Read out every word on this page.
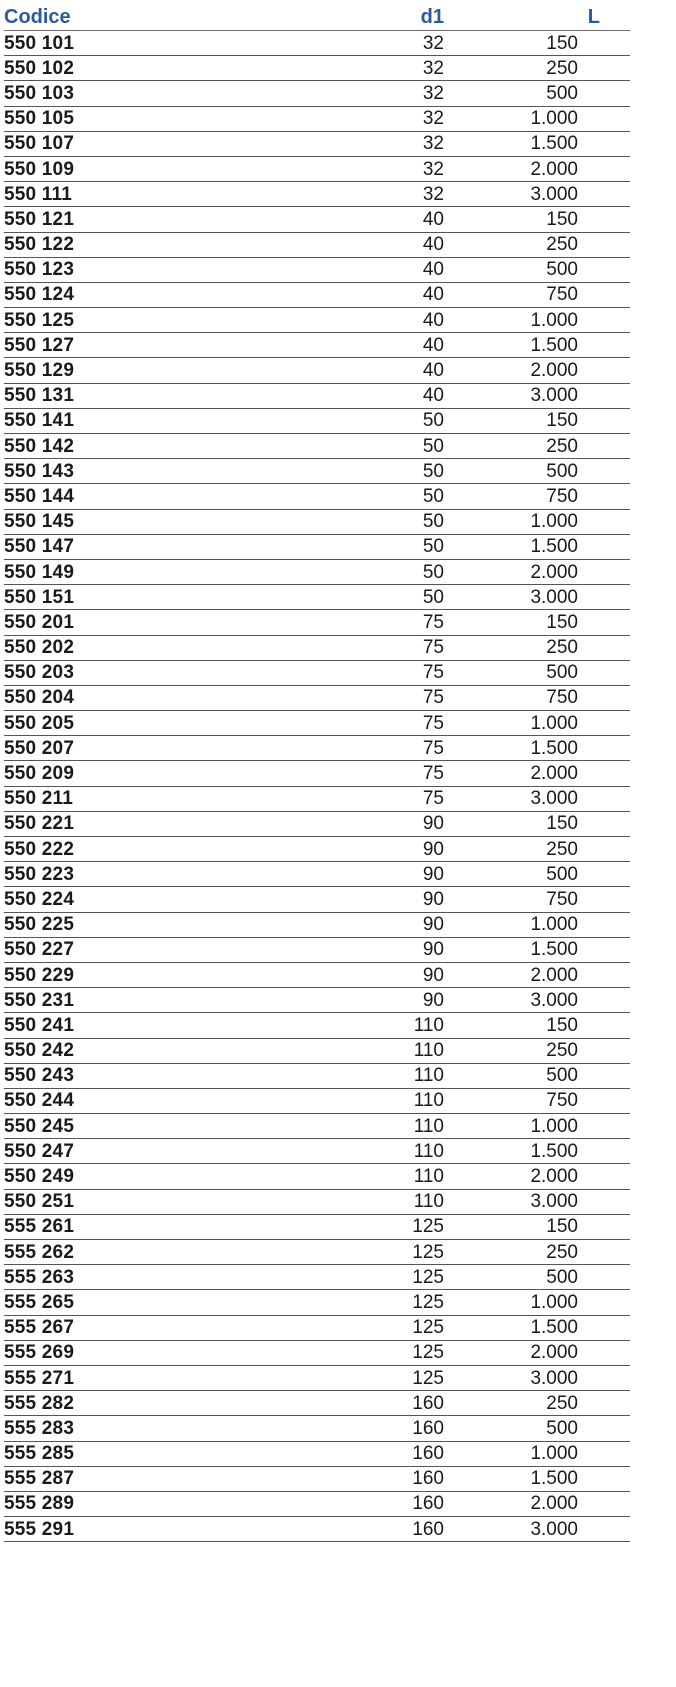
Codice	d1	L
550 101	32	150
550 102	32	250
550 103	32	500
550 105	32	1.000
550 107	32	1.500
550 109	32	2.000
550 111	32	3.000
550 121	40	150
550 122	40	250
550 123	40	500
550 124	40	750
550 125	40	1.000
550 127	40	1.500
550 129	40	2.000
550 131	40	3.000
550 141	50	150
550 142	50	250
550 143	50	500
550 144	50	750
550 145	50	1.000
550 147	50	1.500
550 149	50	2.000
550 151	50	3.000
550 201	75	150
550 202	75	250
550 203	75	500
550 204	75	750
550 205	75	1.000
550 207	75	1.500
550 209	75	2.000
550 211	75	3.000
550 221	90	150
550 222	90	250
550 223	90	500
550 224	90	750
550 225	90	1.000
550 227	90	1.500
550 229	90	2.000
550 231	90	3.000
550 241	110	150
550 242	110	250
550 243	110	500
550 244	110	750
550 245	110	1.000
550 247	110	1.500
550 249	110	2.000
550 251	110	3.000
555 261	125	150
555 262	125	250
555 263	125	500
555 265	125	1.000
555 267	125	1.500
555 269	125	2.000
555 271	125	3.000
555 282	160	250
555 283	160	500
555 285	160	1.000
555 287	160	1.500
555 289	160	2.000
555 291	160	3.000
